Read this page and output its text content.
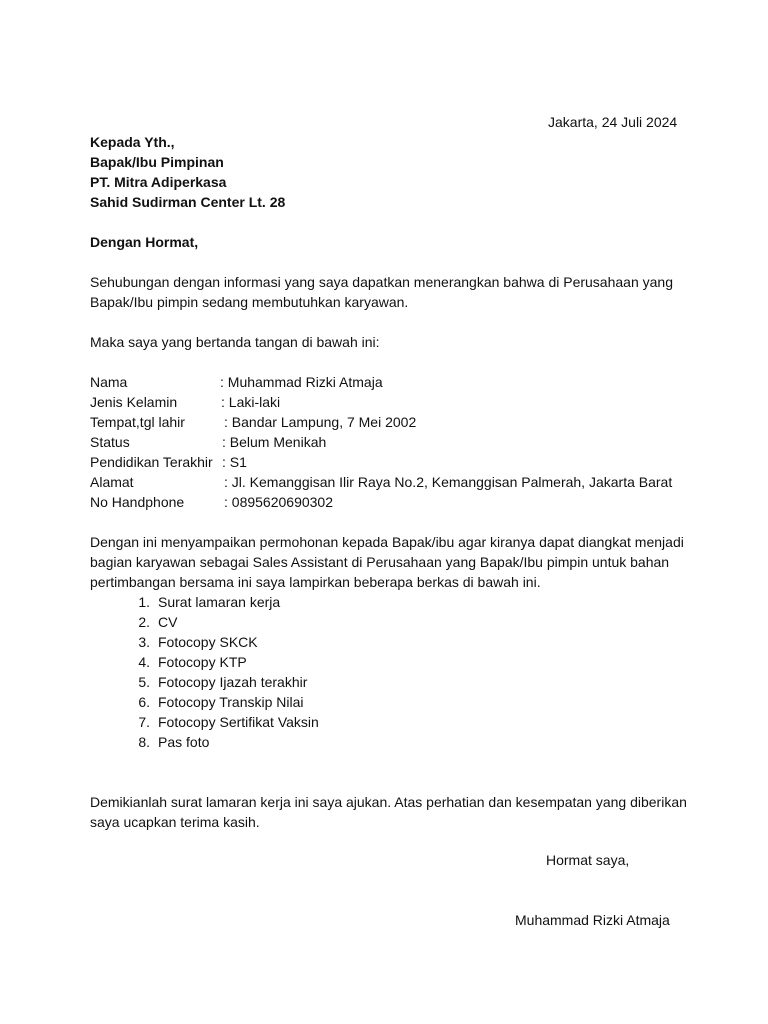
Jakarta, 24 Juli 2024
Kepada Yth.,
Bapak/Ibu Pimpinan
PT. Mitra Adiperkasa
Sahid Sudirman Center Lt. 28
Dengan Hormat,
Sehubungan dengan informasi yang saya dapatkan menerangkan bahwa di Perusahaan yang
Bapak/Ibu pimpin sedang membutuhkan karyawan.
Maka saya yang bertanda tangan di bawah ini:
Nama	: Muhammad Rizki Atmaja
Jenis Kelamin	: Laki-laki
Tempat,tgl lahir	: Bandar Lampung, 7 Mei 2002
Status	: Belum Menikah
Pendidikan Terakhir : S1
Alamat	: Jl. Kemanggisan Ilir Raya No.2, Kemanggisan Palmerah, Jakarta Barat
No Handphone	: 0895620690302
Dengan ini menyampaikan permohonan kepada Bapak/ibu agar kiranya dapat diangkat menjadi
bagian karyawan sebagai Sales Assistant di Perusahaan yang Bapak/Ibu pimpin untuk bahan
pertimbangan bersama ini saya lampirkan beberapa berkas di bawah ini.
1. Surat lamaran kerja
2. CV
3. Fotocopy SKCK
4. Fotocopy KTP
5. Fotocopy Ijazah terakhir
6. Fotocopy Transkip Nilai
7. Fotocopy Sertifikat Vaksin
8. Pas foto
Demikianlah surat lamaran kerja ini saya ajukan. Atas perhatian dan kesempatan yang diberikan
saya ucapkan terima kasih.
Hormat saya,
Muhammad Rizki Atmaja
